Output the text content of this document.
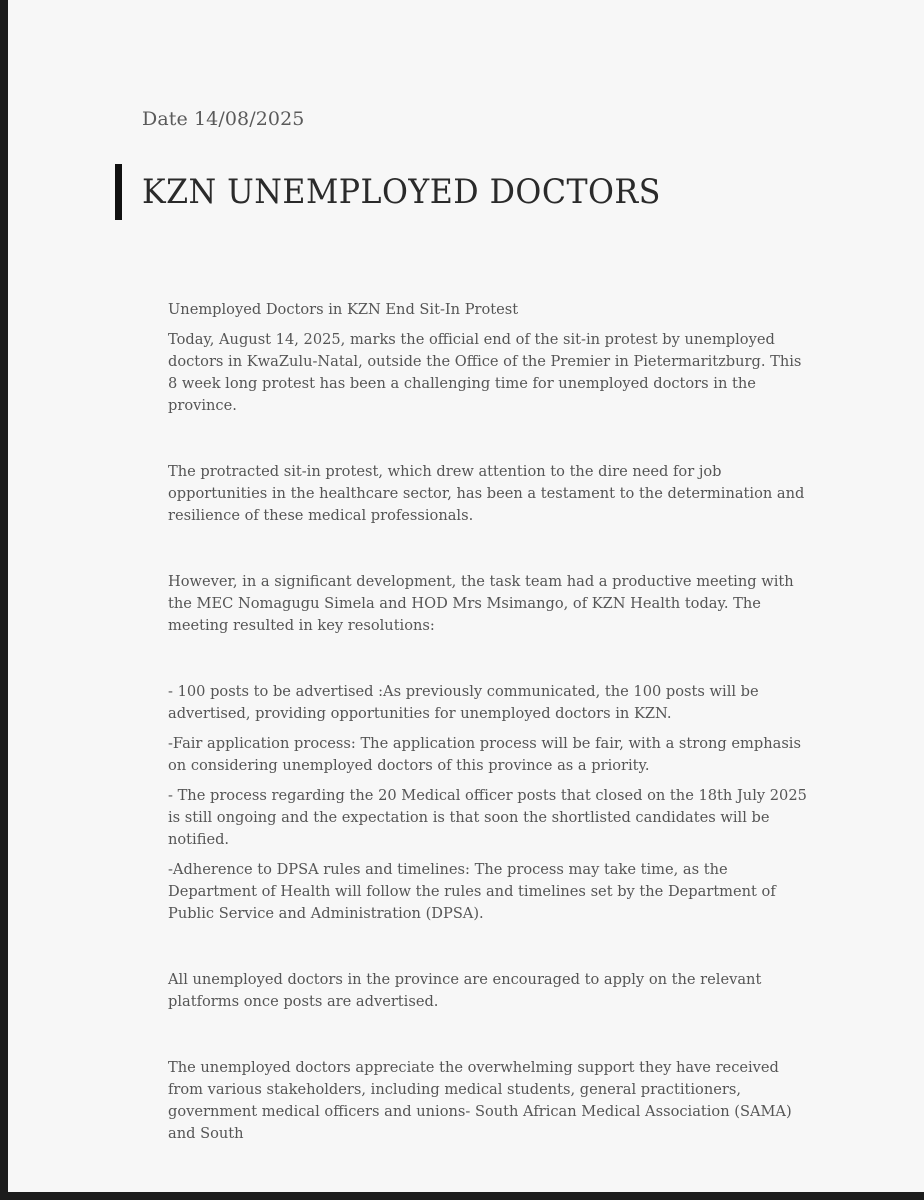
Date 14/08/2025
KZN UNEMPLOYED DOCTORS

Unemployed Doctors in KZN End Sit-In Protest

Today, August 14, 2025, marks the official end of the sit-in protest by unemployed doctors in KwaZulu-Natal, outside the Office of the Premier in Pietermaritzburg. This 8 week long protest has been a challenging time for unemployed doctors in the province.

The protracted sit-in protest, which drew attention to the dire need for job opportunities in the healthcare sector, has been a testament to the determination and resilience of these medical professionals.

However, in a significant development, the task team had a productive meeting with the MEC Nomagugu Simela and HOD Mrs Msimango, of KZN Health today. The meeting resulted in key resolutions:

- 100 posts to be advertised :As previously communicated, the 100 posts will be advertised, providing opportunities for unemployed doctors in KZN.

-Fair application process: The application process will be fair, with a strong emphasis on considering unemployed doctors of this province as a priority.

- The process regarding the 20 Medical officer posts that closed on the 18th July 2025 is still ongoing and the expectation is that soon the shortlisted candidates will be notified.

-Adherence to DPSA rules and timelines: The process may take time, as the Department of Health will follow the rules and timelines set by the Department of Public Service and Administration (DPSA).

All unemployed doctors in the province are encouraged to apply on the relevant platforms once posts are advertised.

The unemployed doctors appreciate the overwhelming support they have received from various stakeholders, including medical students, general practitioners, government medical officers and unions- South African Medical Association (SAMA) and South
